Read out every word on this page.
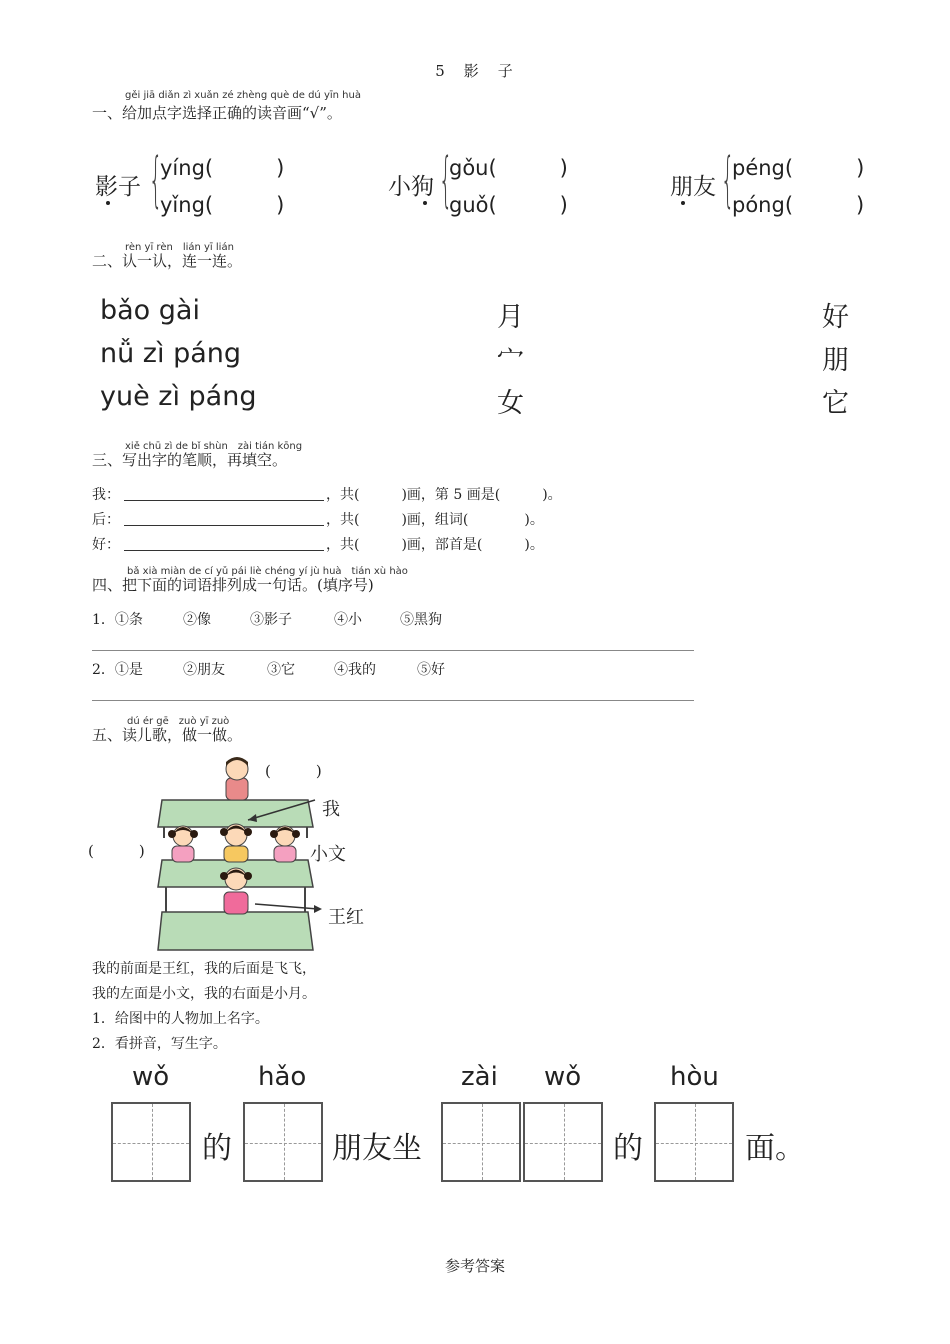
5　影　子
gěi jiā diǎn zì xuǎn zé zhèng què de dú yīn huà
一、给加点字选择正确的读音画“√”。
影子 {
yíng(　　　)
yǐng(　　　)
小狗 {
gǒu(　　　)
guǒ(　　　)
朋友 {
péng(　　　)
póng(　　　)
rèn yī rèn　lián yī lián
二、认一认，连一连。
bǎo gài
nǚ zì páng
yuè zì páng
月
宀
女
好
朋
它
xiě chū zì de bǐ shùn　zài tián kōng
三、写出字的笔顺，再填空。
我：	，共(　　　)画，第 5 画是(　　　)。
后：	，共(　　　)画，组词(　　　　)。
好：	，共(　　　)画，部首是(　　　)。
bǎ xià miàn de cí yǔ pái liè chéng yí jù huà　tián xù hào
四、把下面的词语排列成一句话。(填序号)
1．①条	②像	③影子	④小	⑤黑狗
2．①是	②朋友	③它	④我的	⑤好
dú ér gē　zuò yī zuò
五、读儿歌，做一做。
(　　　)
(　　　)
我
小文
王红
我的前面是王红，我的后面是飞飞，
我的左面是小文，我的右面是小月。
1．给图中的人物加上名字。
2．看拼音，写生字。
wǒ	hǎo	zài wǒ	hòu
的	朋友坐	的	面。
参考答案
